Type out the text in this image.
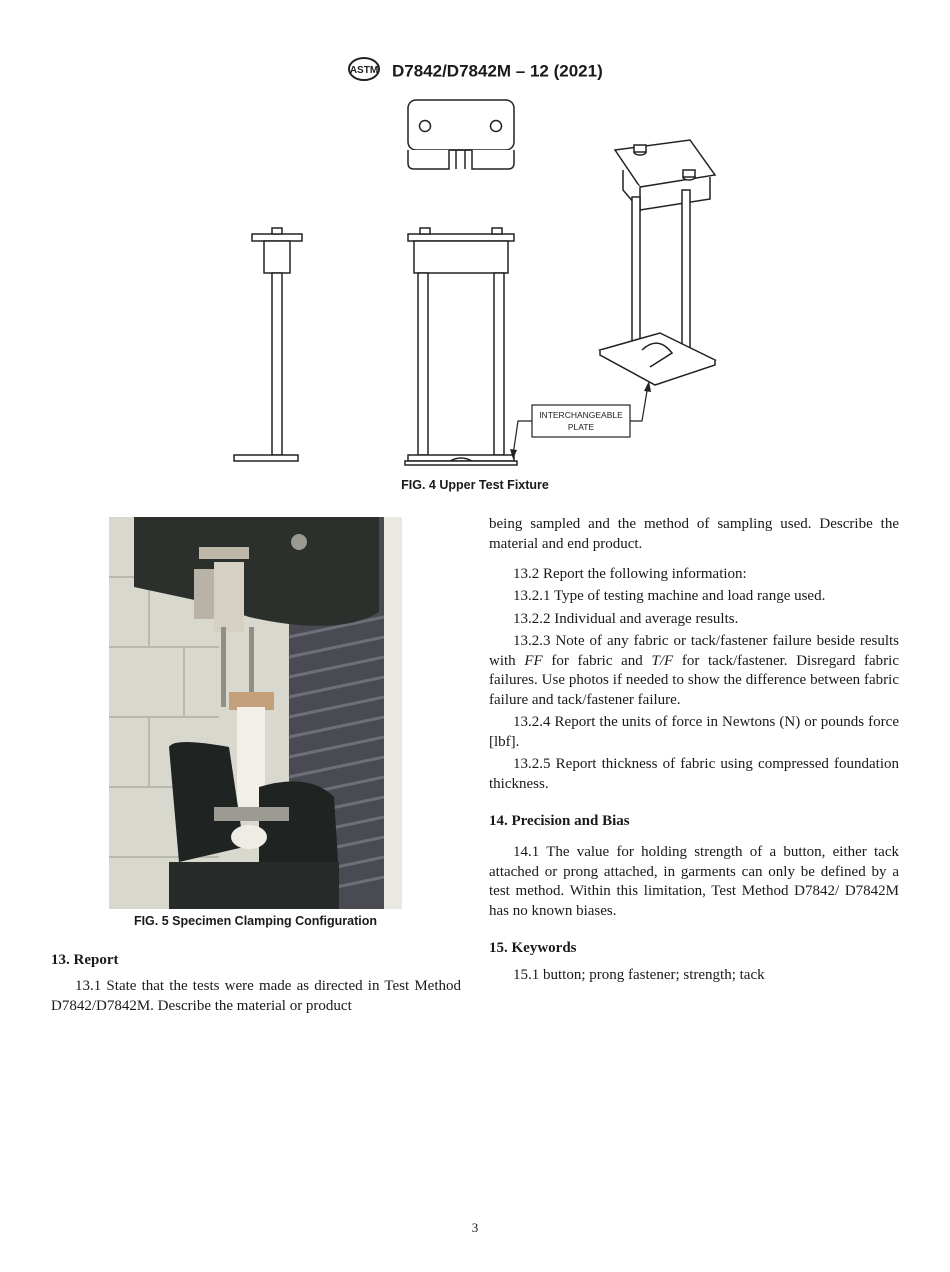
ASTM D7842/D7842M – 12 (2021)
INTERCHANGEABLE
PLATE
FIG. 4 Upper Test Fixture
FIG. 5 Specimen Clamping Configuration
13. Report

13.1 State that the tests were made as directed in Test Method D7842/D7842M. Describe the material or product

being sampled and the method of sampling used. Describe the material and end product.

13.2 Report the following information:

13.2.1 Type of testing machine and load range used.

13.2.2 Individual and average results.

13.2.3 Note of any fabric or tack/fastener failure beside results with FF for fabric and T/F for tack/fastener. Disregard fabric failures. Use photos if needed to show the difference between fabric failure and tack/fastener failure.

13.2.4 Report the units of force in Newtons (N) or pounds force [lbf].

13.2.5 Report thickness of fabric using compressed foundation thickness.

14. Precision and Bias

14.1 The value for holding strength of a button, either tack attached or prong attached, in garments can only be defined by a test method. Within this limitation, Test Method D7842/ D7842M has no known biases.

15. Keywords

15.1 button; prong fastener; strength; tack

3
